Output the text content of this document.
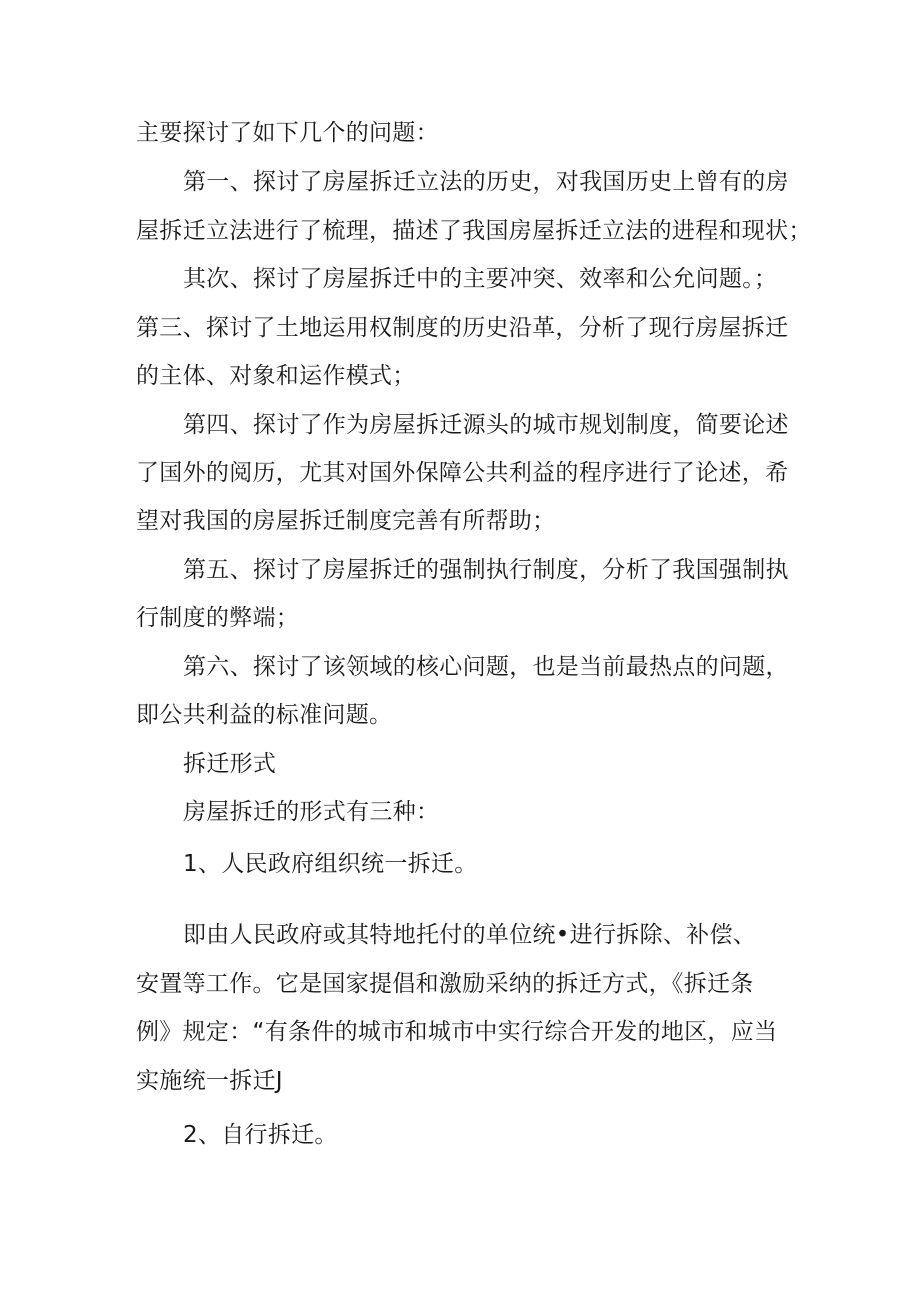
主要探讨了如下几个的问题：
第一、探讨了房屋拆迁立法的历史，对我国历史上曾有的房
屋拆迁立法进行了梳理，描述了我国房屋拆迁立法的进程和现状；
其次、探讨了房屋拆迁中的主要冲突、效率和公允问题。；
第三、探讨了土地运用权制度的历史沿革，分析了现行房屋拆迁
的主体、对象和运作模式；
第四、探讨了作为房屋拆迁源头的城市规划制度，简要论述
了国外的阅历，尤其对国外保障公共利益的程序进行了论述，希
望对我国的房屋拆迁制度完善有所帮助；
第五、探讨了房屋拆迁的强制执行制度，分析了我国强制执
行制度的弊端；
第六、探讨了该领域的核心问题，也是当前最热点的问题，
即公共利益的标准问题。
拆迁形式
房屋拆迁的形式有三种：
1、人民政府组织统一拆迁。
即由人民政府或其特地托付的单位统•进行拆除、补偿、
安置等工作。它是国家提倡和激励采纳的拆迁方式，《拆迁条
例》规定：“有条件的城市和城市中实行综合开发的地区，应当
实施统一拆迁J
2、自行拆迁。
